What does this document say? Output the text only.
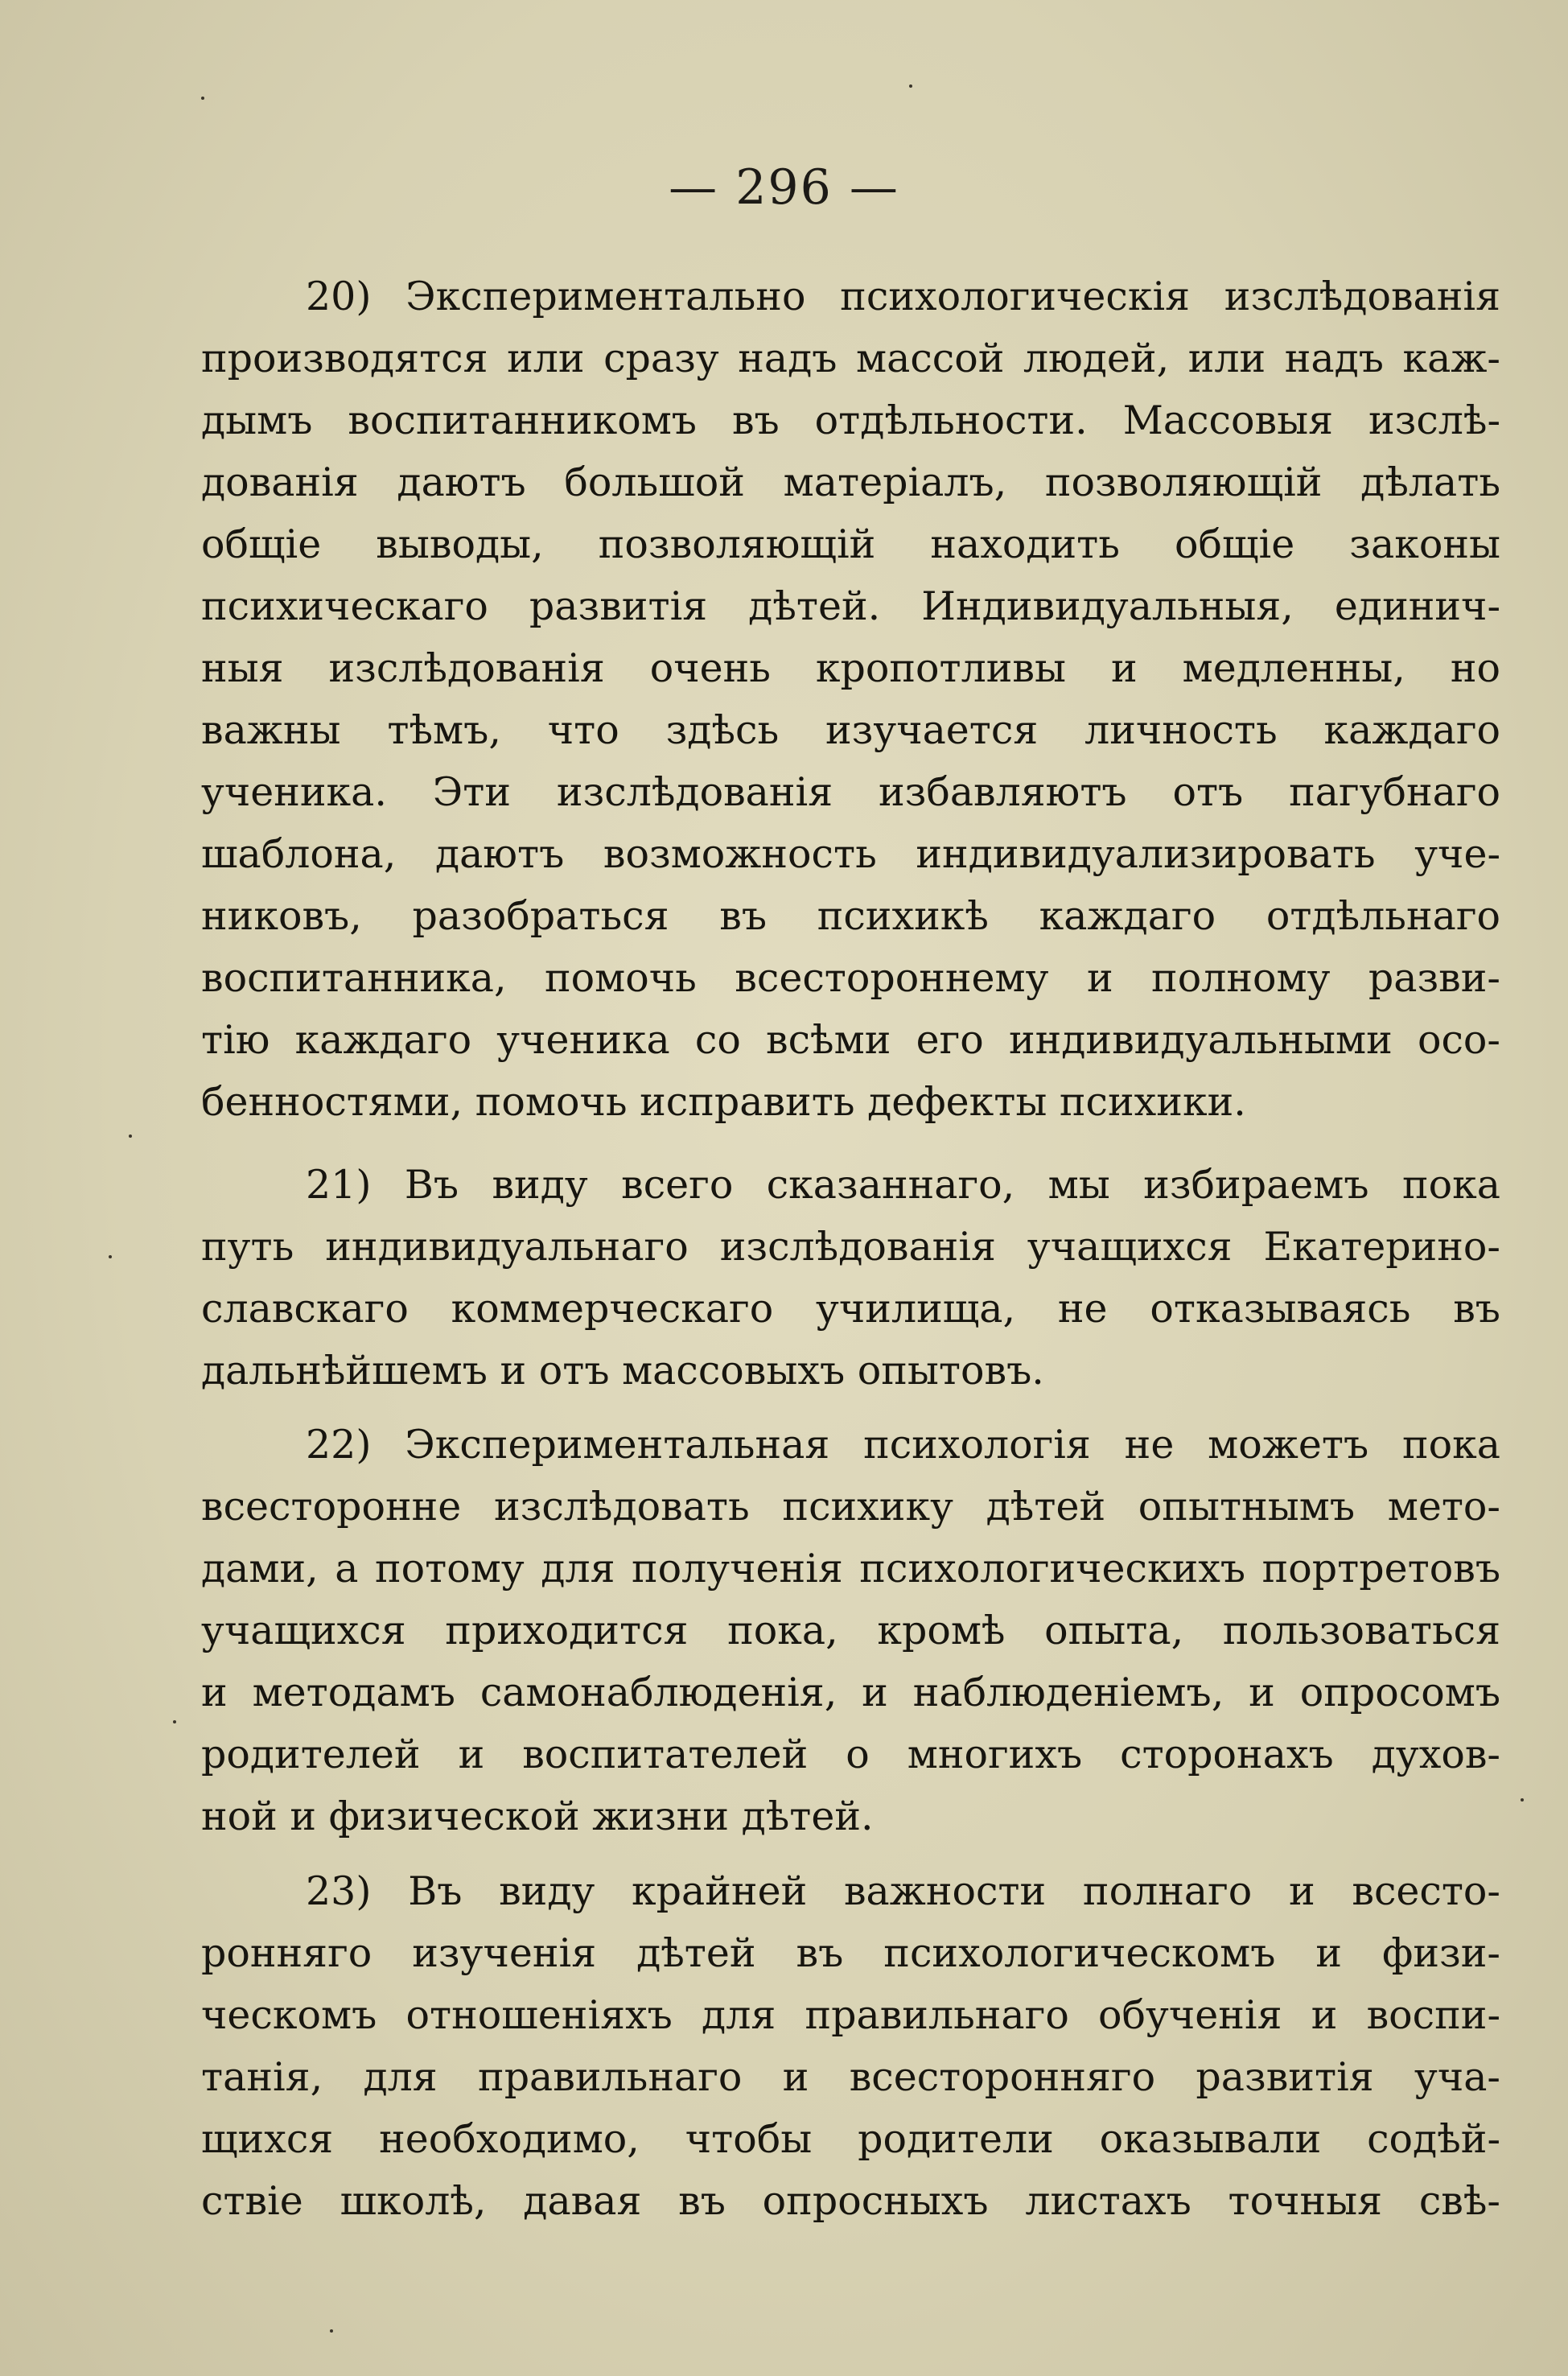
— 296 —
20) Экспериментально психологическія изслѣдованія
производятся или сразу надъ массой людей, или надъ каж-
дымъ воспитанникомъ въ отдѣльности. Массовыя изслѣ-
дованія даютъ большой матеріалъ, позволяющій дѣлать
общіе выводы, позволяющій находить общіе законы
психическаго развитія дѣтей. Индивидуальныя, единич-
ныя изслѣдованія очень кропотливы и медленны, но
важны тѣмъ, что здѣсь изучается личность каждаго
ученика. Эти изслѣдованія избавляютъ отъ пагубнаго
шаблона, даютъ возможность индивидуализировать уче-
никовъ, разобраться въ психикѣ каждаго отдѣльнаго
воспитанника, помочь всестороннему и полному разви-
тію каждаго ученика со всѣми его индивидуальными осо-
бенностями, помочь исправить дефекты психики.
21) Въ виду всего сказаннаго, мы избираемъ пока
путь индивидуальнаго изслѣдованія учащихся Екатерино-
славскаго коммерческаго училища, не отказываясь въ
дальнѣйшемъ и отъ массовыхъ опытовъ.
22) Экспериментальная психологія не можетъ пока
всесторонне изслѣдовать психику дѣтей опытнымъ мето-
дами, а потому для полученія психологическихъ портретовъ
учащихся приходится пока, кромѣ опыта, пользоваться
и методамъ самонаблюденія, и наблюденіемъ, и опросомъ
родителей и воспитателей о многихъ сторонахъ духов-
ной и физической жизни дѣтей.
23) Въ виду крайней важности полнаго и всесто-
ронняго изученія дѣтей въ психологическомъ и физи-
ческомъ отношеніяхъ для правильнаго обученія и воспи-
танія, для правильнаго и всесторонняго развитія уча-
щихся необходимо, чтобы родители оказывали содѣй-
ствіе школѣ, давая въ опросныхъ листахъ точныя свѣ-
